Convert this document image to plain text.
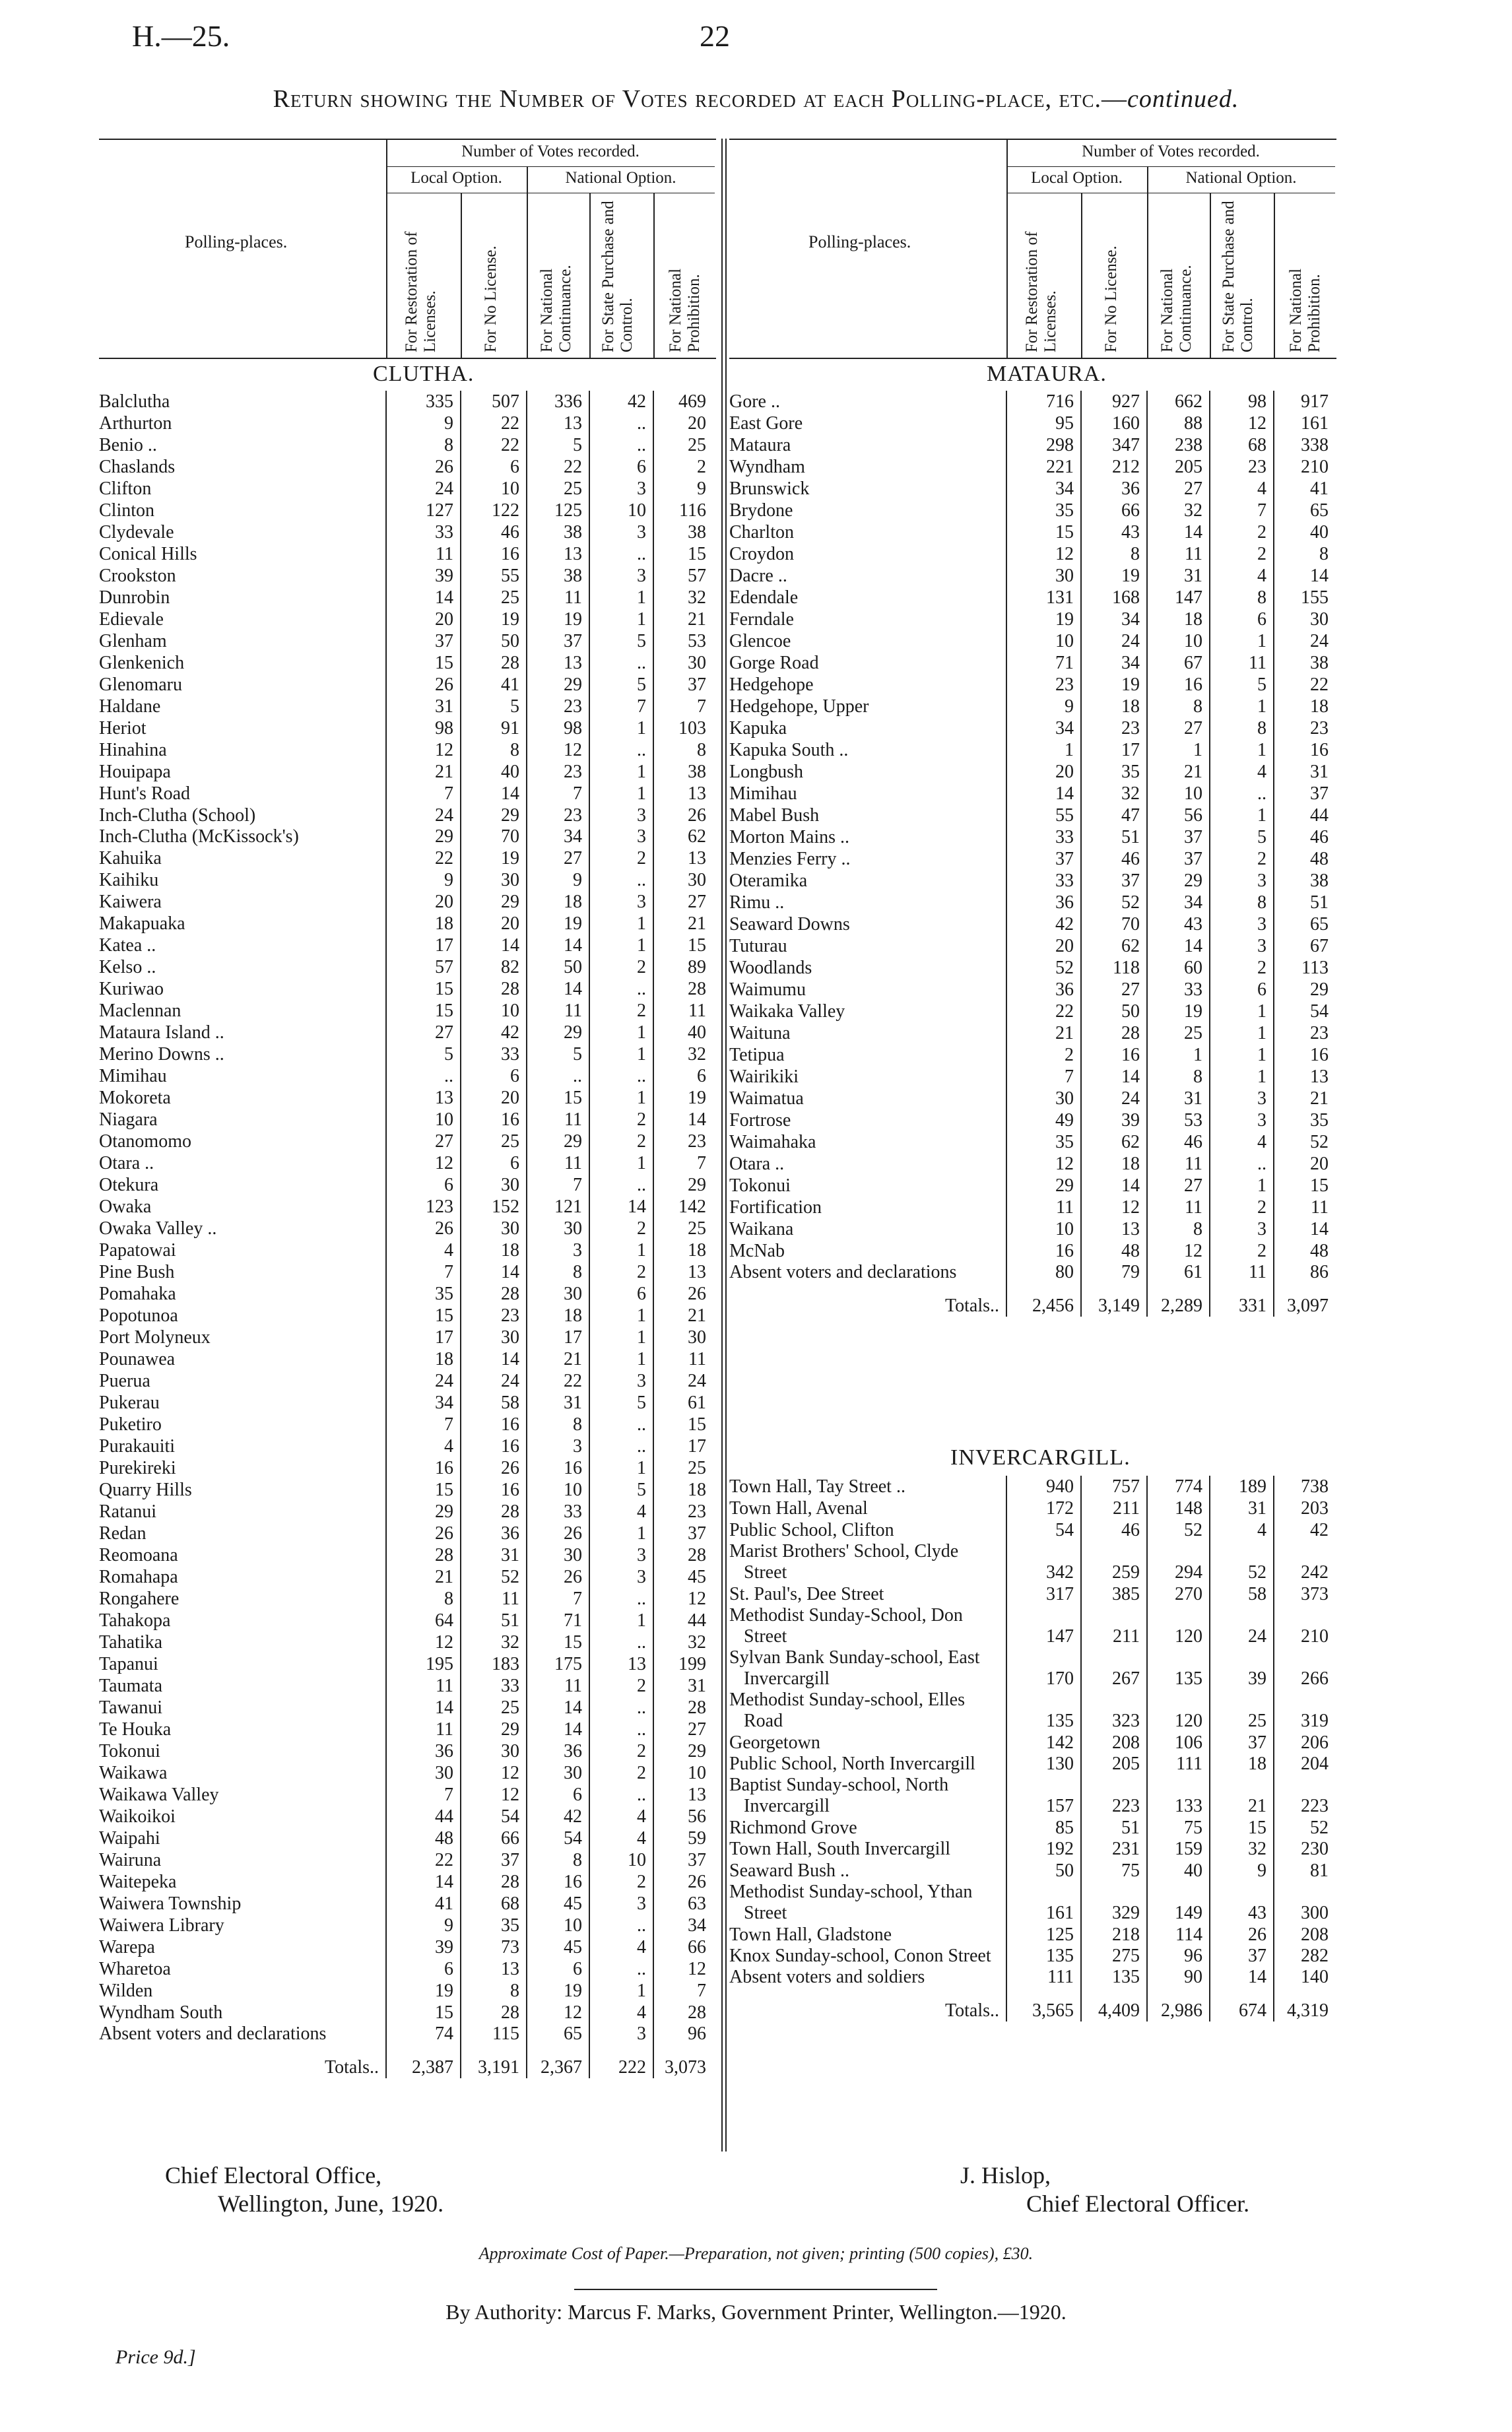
H.—25.	22
Return showing the Number of Votes recorded at each Polling-place, etc.—continued.
Polling-places.
Number of Votes recorded.
Local Option.	National Option.
For Restoration of Licenses.	For No License. For National Continuance. For State Purchase and Control.	For National Prohibition.
Polling-places.
Number of Votes recorded.
Local Option.	National Option.
For Restoration of Licenses.	For No License. For National Continuance. For State Purchase and Control.	For National Prohibition.
CLUTHA.	MATAURA.
INVERCARGILL.
Balclutha	335	507	336	42	469
Arthurton	9	22	13	..	20
Benio ..	8	22	5	..	25
Chaslands	26	6	22	6	2
Clifton	24	10	25	3	9
Clinton	127	122	125	10	116
Clydevale	33	46	38	3	38
Conical Hills	11	16	13	..	15
Crookston	39	55	38	3	57
Dunrobin	14	25	11	1	32
Edievale	20	19	19	1	21
Glenham	37	50	37	5	53
Glenkenich	15	28	13	..	30
Glenomaru	26	41	29	5	37
Haldane	31	5	23	7	7
Heriot	98	91	98	1	103
Hinahina	12	8	12	..	8
Houipapa	21	40	23	1	38
Hunt's Road	7	14	7	1	13
Inch-Clutha (School)	24	29	23	3	26
Inch-Clutha (McKissock's)	29	70	34	3	62
Kahuika	22	19	27	2	13
Kaihiku	9	30	9	..	30
Kaiwera	20	29	18	3	27
Makapuaka	18	20	19	1	21
Katea ..	17	14	14	1	15
Kelso ..	57	82	50	2	89
Kuriwao	15	28	14	..	28
Maclennan	15	10	11	2	11
Mataura Island ..	27	42	29	1	40
Merino Downs ..	5	33	5	1	32
Mimihau	..	6	..	..	6
Mokoreta	13	20	15	1	19
Niagara	10	16	11	2	14
Otanomomo	27	25	29	2	23
Otara ..	12	6	11	1	7
Otekura	6	30	7	..	29
Owaka	123	152	121	14	142
Owaka Valley ..	26	30	30	2	25
Papatowai	4	18	3	1	18
Pine Bush	7	14	8	2	13
Pomahaka	35	28	30	6	26
Popotunoa	15	23	18	1	21
Port Molyneux	17	30	17	1	30
Pounawea	18	14	21	1	11
Puerua	24	24	22	3	24
Pukerau	34	58	31	5	61
Puketiro	7	16	8	..	15
Purakauiti	4	16	3	..	17
Purekireki	16	26	16	1	25
Quarry Hills	15	16	10	5	18
Ratanui	29	28	33	4	23
Redan	26	36	26	1	37
Reomoana	28	31	30	3	28
Romahapa	21	52	26	3	45
Rongahere	8	11	7	..	12
Tahakopa	64	51	71	1	44
Tahatika	12	32	15	..	32
Tapanui	195	183	175	13	199
Taumata	11	33	11	2	31
Tawanui	14	25	14	..	28
Te Houka	11	29	14	..	27
Tokonui	36	30	36	2	29
Waikawa	30	12	30	2	10
Waikawa Valley	7	12	6	..	13
Waikoikoi	44	54	42	4	56
Waipahi	48	66	54	4	59
Wairuna	22	37	8	10	37
Waitepeka	14	28	16	2	26
Waiwera Township	41	68	45	3	63
Waiwera Library	9	35	10	..	34
Warepa	39	73	45	4	66
Wharetoa	6	13	6	..	12
Wilden	19	8	19	1	7
Wyndham South	15	28	12	4	28
Absent voters and declarations	74	115	65	3	96
Totals..	2,387	3,191	2,367	222	3,073
Gore ..	716	927	662	98	917
East Gore	95	160	88	12	161
Mataura	298	347	238	68	338
Wyndham	221	212	205	23	210
Brunswick	34	36	27	4	41
Brydone	35	66	32	7	65
Charlton	15	43	14	2	40
Croydon	12	8	11	2	8
Dacre ..	30	19	31	4	14
Edendale	131	168	147	8	155
Ferndale	19	34	18	6	30
Glencoe	10	24	10	1	24
Gorge Road	71	34	67	11	38
Hedgehope	23	19	16	5	22
Hedgehope, Upper	9	18	8	1	18
Kapuka	34	23	27	8	23
Kapuka South ..	1	17	1	1	16
Longbush	20	35	21	4	31
Mimihau	14	32	10	..	37
Mabel Bush	55	47	56	1	44
Morton Mains ..	33	51	37	5	46
Menzies Ferry ..	37	46	37	2	48
Oteramika	33	37	29	3	38
Rimu ..	36	52	34	8	51
Seaward Downs	42	70	43	3	65
Tuturau	20	62	14	3	67
Woodlands	52	118	60	2	113
Waimumu	36	27	33	6	29
Waikaka Valley	22	50	19	1	54
Waituna	21	28	25	1	23
Tetipua	2	16	1	1	16
Wairikiki	7	14	8	1	13
Waimatua	30	24	31	3	21
Fortrose	49	39	53	3	35
Waimahaka	35	62	46	4	52
Otara ..	12	18	11	..	20
Tokonui	29	14	27	1	15
Fortification	11	12	11	2	11
Waikana	10	13	8	3	14
McNab	16	48	12	2	48
Absent voters and declarations	80	79	61	11	86
Totals..	2,456	3,149	2,289	331	3,097
Town Hall, Tay Street ..	940	757	774	189	738
Town Hall, Avenal	172	211	148	31	203
Public School, Clifton	54	46	52	4	42
Marist Brothers' School, Clyde Street	342	259	294	52	242
St. Paul's, Dee Street	317	385	270	58	373
Methodist Sunday-School, Don Street	147	211	120	24	210
Sylvan Bank Sunday-school, East Invercargill	170	267	135	39	266
Methodist Sunday-school, Elles Road	135	323	120	25	319
Georgetown	142	208	106	37	206
Public School, North Invercargill	130	205	111	18	204
Baptist Sunday-school, North Invercargill	157	223	133	21	223
Richmond Grove	85	51	75	15	52
Town Hall, South Invercargill	192	231	159	32	230
Seaward Bush ..	50	75	40	9	81
Methodist Sunday-school, Ythan Street	161	329	149	43	300
Town Hall, Gladstone	125	218	114	26	208
Knox Sunday-school, Conon Street	135	275	96	37	282
Absent voters and soldiers	111	135	90	14	140
Totals..	3,565	4,409	2,986	674	4,319
Chief Electoral Office,
Wellington, June, 1920.
J. Hislop,
Chief Electoral Officer.
Approximate Cost of Paper.—Preparation, not given; printing (500 copies), £30.
By Authority: Marcus F. Marks, Government Printer, Wellington.—1920.
Price 9d.]
